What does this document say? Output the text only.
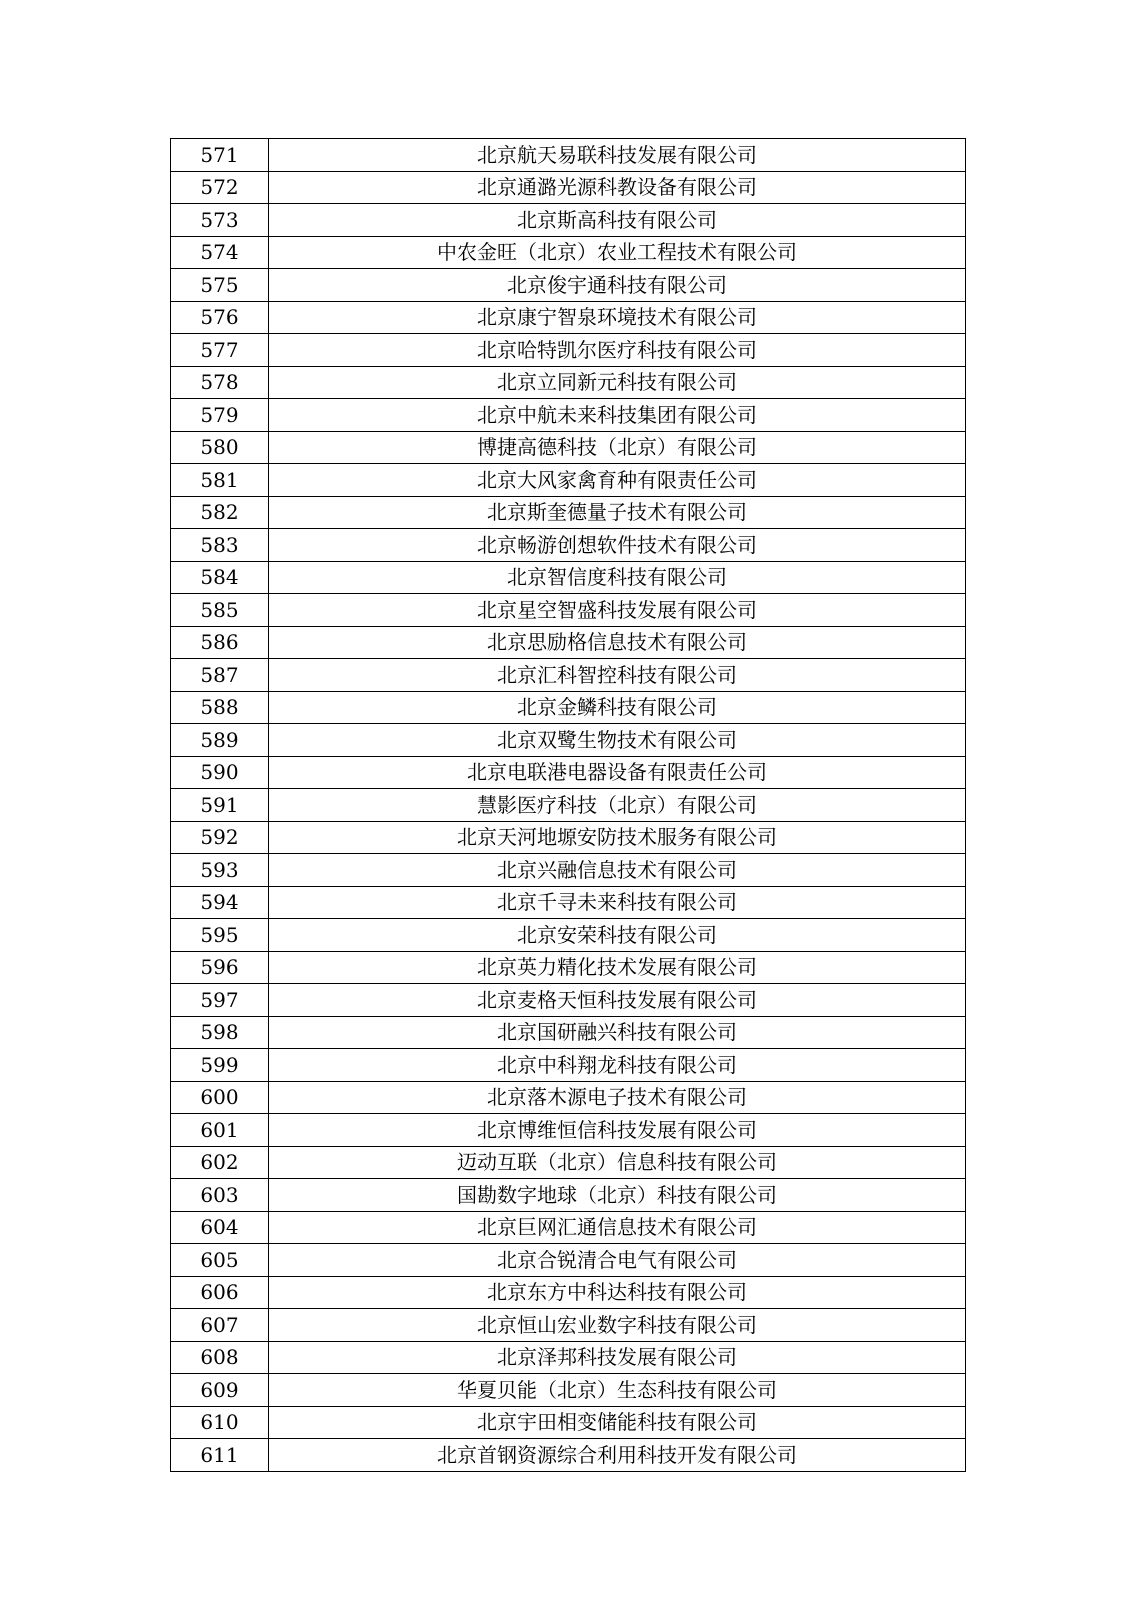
571	北京航天易联科技发展有限公司
572	北京通潞光源科教设备有限公司
573	北京斯高科技有限公司
574	中农金旺（北京）农业工程技术有限公司
575	北京俊宇通科技有限公司
576	北京康宁智泉环境技术有限公司
577	北京哈特凯尔医疗科技有限公司
578	北京立同新元科技有限公司
579	北京中航未来科技集团有限公司
580	博捷高德科技（北京）有限公司
581	北京大风家禽育种有限责任公司
582	北京斯奎德量子技术有限公司
583	北京畅游创想软件技术有限公司
584	北京智信度科技有限公司
585	北京星空智盛科技发展有限公司
586	北京思励格信息技术有限公司
587	北京汇科智控科技有限公司
588	北京金鳞科技有限公司
589	北京双鹭生物技术有限公司
590	北京电联港电器设备有限责任公司
591	慧影医疗科技（北京）有限公司
592	北京天河地塬安防技术服务有限公司
593	北京兴融信息技术有限公司
594	北京千寻未来科技有限公司
595	北京安荣科技有限公司
596	北京英力精化技术发展有限公司
597	北京麦格天恒科技发展有限公司
598	北京国研融兴科技有限公司
599	北京中科翔龙科技有限公司
600	北京落木源电子技术有限公司
601	北京博维恒信科技发展有限公司
602	迈动互联（北京）信息科技有限公司
603	国勘数字地球（北京）科技有限公司
604	北京巨网汇通信息技术有限公司
605	北京合锐清合电气有限公司
606	北京东方中科达科技有限公司
607	北京恒山宏业数字科技有限公司
608	北京泽邦科技发展有限公司
609	华夏贝能（北京）生态科技有限公司
610	北京宇田相变储能科技有限公司
611	北京首钢资源综合利用科技开发有限公司
